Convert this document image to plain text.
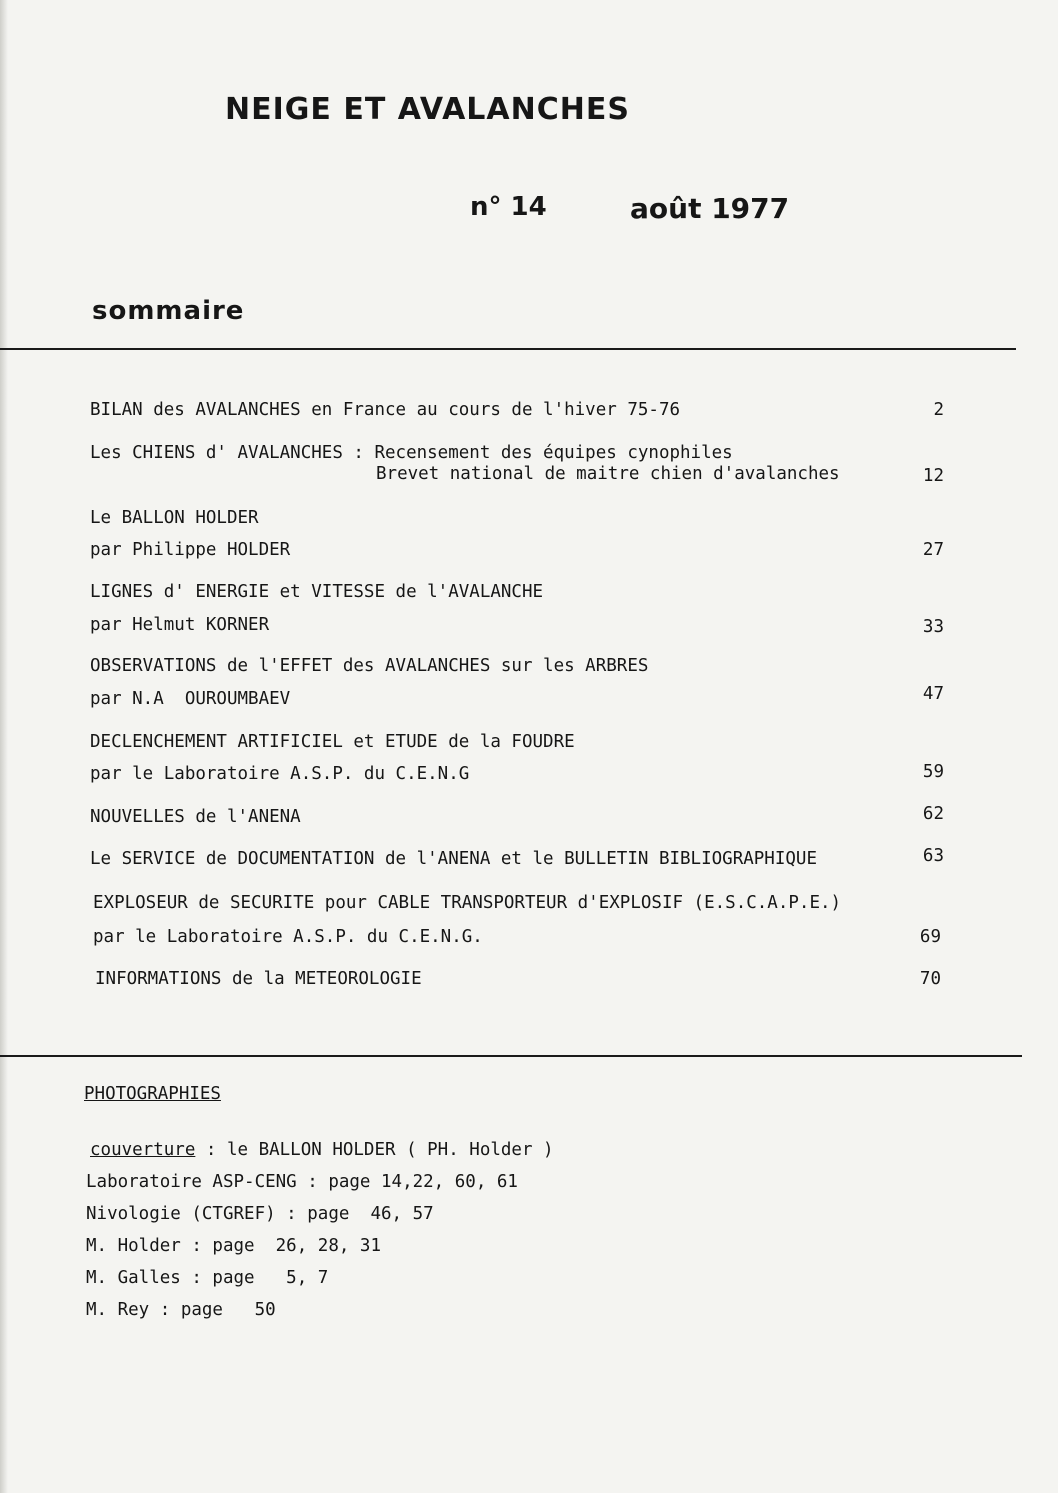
NEIGE ET AVALANCHES
n° 14	août 1977
sommaire
BILAN des AVALANCHES en France au cours de l'hiver 75-76	2
Les CHIENS d' AVALANCHES : Recensement des équipes cynophiles
Brevet national de maitre chien d'avalanches	12
Le BALLON HOLDER
par Philippe HOLDER	27
LIGNES d' ENERGIE et VITESSE de l'AVALANCHE
par Helmut KORNER	33
OBSERVATIONS de l'EFFET des AVALANCHES sur les ARBRES
par N.A  OUROUMBAEV	47
DECLENCHEMENT ARTIFICIEL et ETUDE de la FOUDRE
par le Laboratoire A.S.P. du C.E.N.G	59
NOUVELLES de l'ANENA	62
Le SERVICE de DOCUMENTATION de l'ANENA et le BULLETIN BIBLIOGRAPHIQUE	63
EXPLOSEUR de SECURITE pour CABLE TRANSPORTEUR d'EXPLOSIF (E.S.C.A.P.E.)
par le Laboratoire A.S.P. du C.E.N.G.	69
INFORMATIONS de la METEOROLOGIE	70
PHOTOGRAPHIES
couverture : le BALLON HOLDER ( PH. Holder )
Laboratoire ASP-CENG : page 14,22, 60, 61
Nivologie (CTGREF) : page  46, 57
M. Holder : page  26, 28, 31
M. Galles : page   5, 7
M. Rey : page   50
